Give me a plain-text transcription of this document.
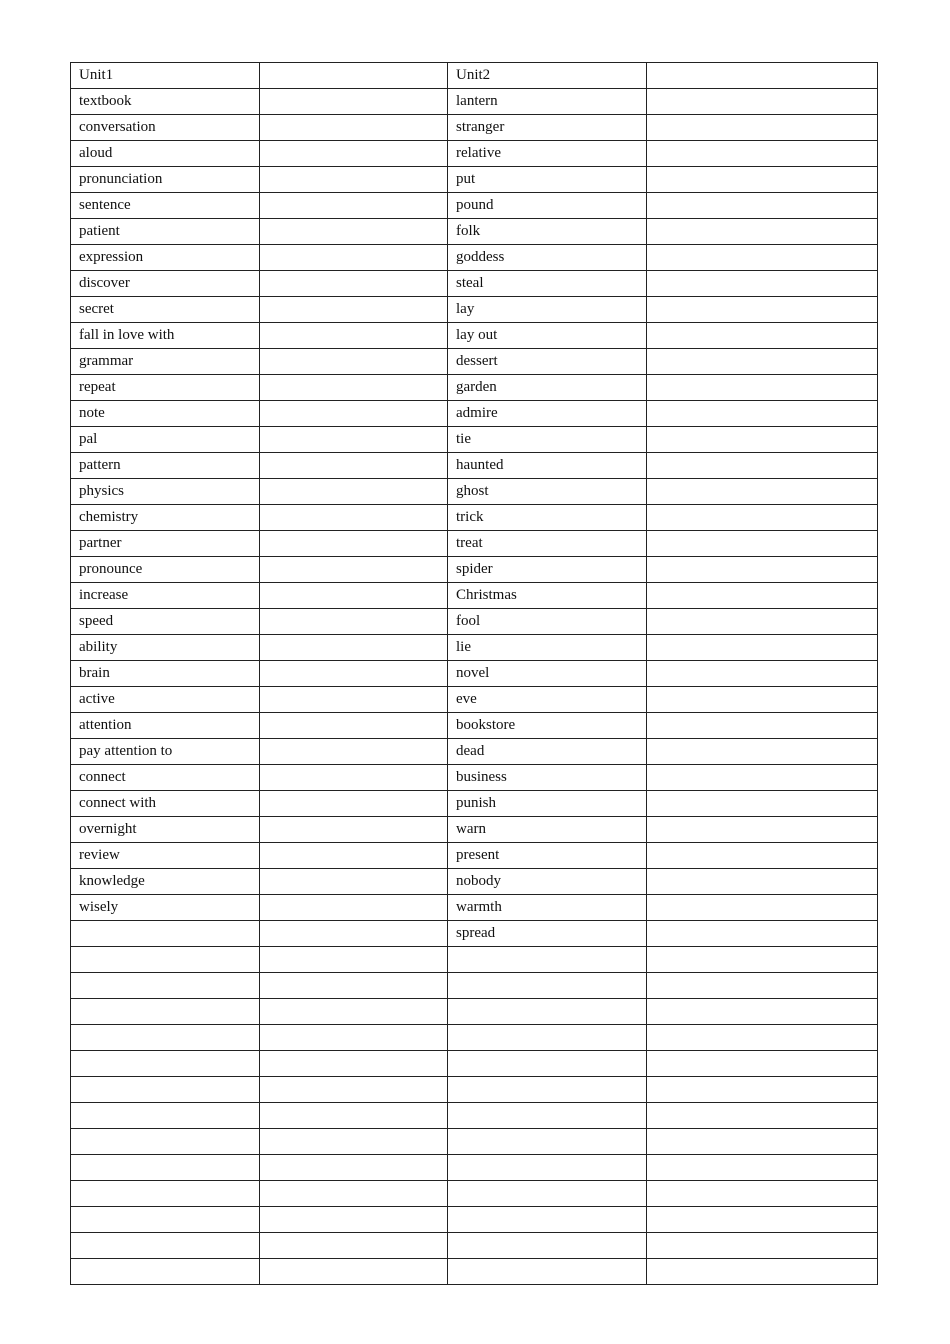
Unit1		Unit2	
textbook		lantern	
conversation		stranger	
aloud		relative	
pronunciation		put	
sentence		pound	
patient		folk	
expression		goddess	
discover		steal	
secret		lay	
fall in love with		lay out	
grammar		dessert	
repeat		garden	
note		admire	
pal		tie	
pattern		haunted	
physics		ghost	
chemistry		trick	
partner		treat	
pronounce		spider	
increase		Christmas	
speed		fool	
ability		lie	
brain		novel	
active		eve	
attention		bookstore	
pay attention to		dead	
connect		business	
connect with		punish	
overnight		warn	
review		present	
knowledge		nobody	
wisely		warmth	
		spread	
